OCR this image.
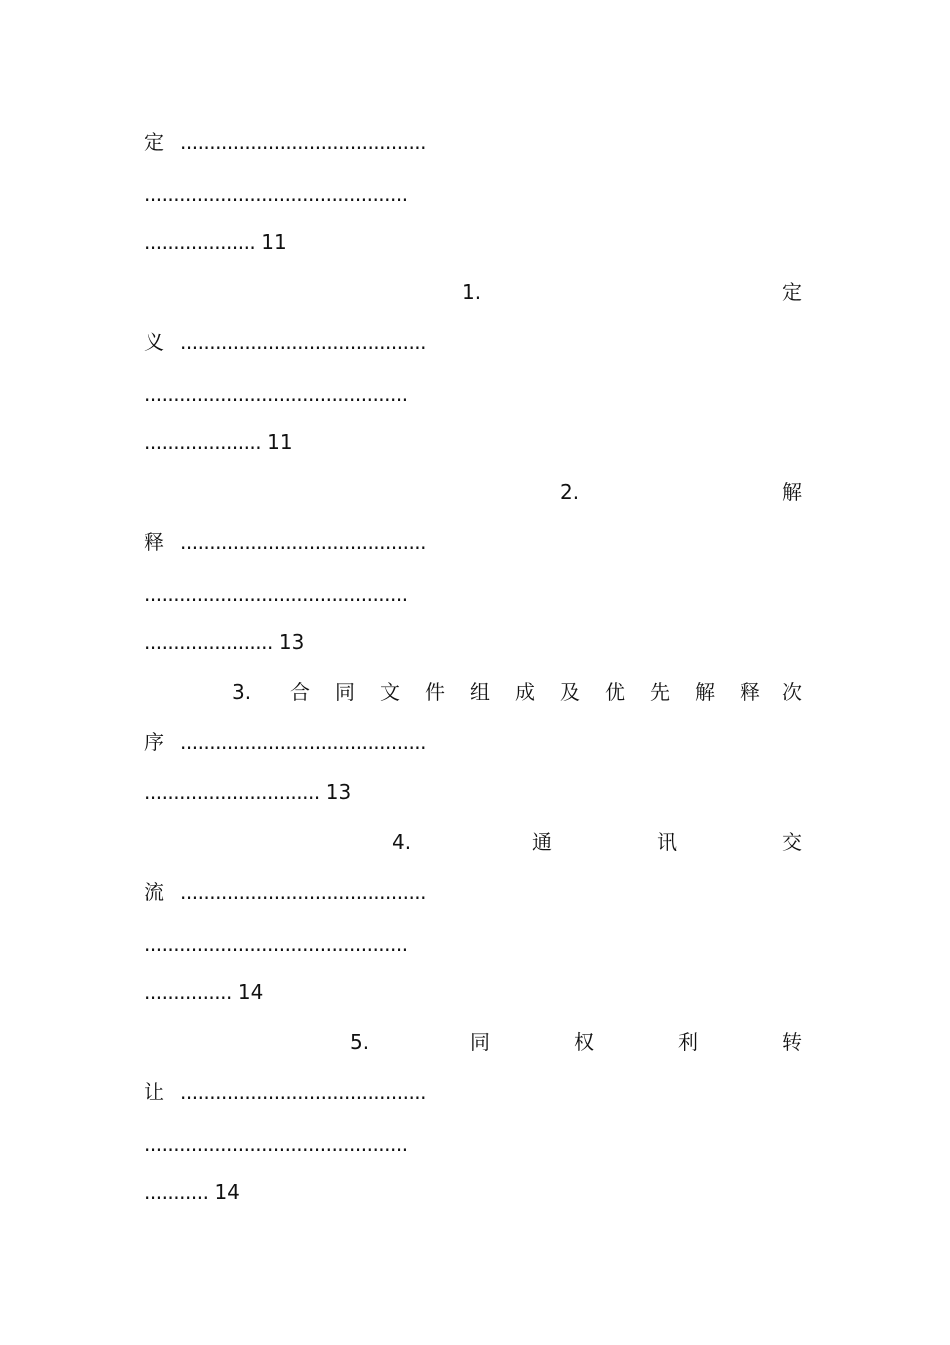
定 ..........................................
.............................................
................... 11
1.	定
义 ..........................................
.............................................
.................... 11
2.	解
释 ..........................................
.............................................
...................... 13
3. 合 同 文 件 组 成 及 优 先 解 释 次
序 ..........................................
.............................. 13
4.	通	讯	交
流 ..........................................
.............................................
............... 14
5.	同	权	利	转
让 ..........................................
.............................................
........... 14
